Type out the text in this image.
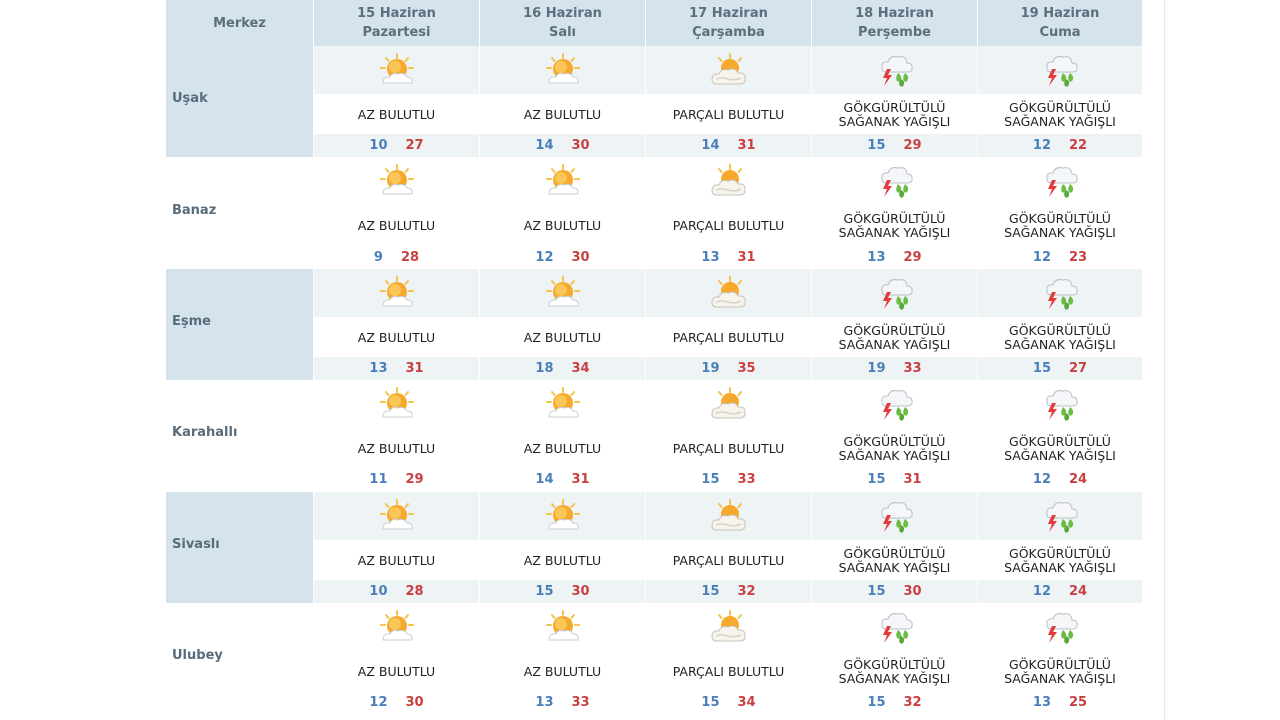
Merkez
15 Haziran
Pazartesi
16 Haziran
Salı
17 Haziran
Çarşamba
18 Haziran
Perşembe
19 Haziran
Cuma
Uşak
AZ BULUTLU
10 27
AZ BULUTLU
14 30
PARÇALI BULUTLU
14 31
GÖKGÜRÜLTÜLÜ
SAĞANAK YAĞIŞLI
15 29
GÖKGÜRÜLTÜLÜ
SAĞANAK YAĞIŞLI
12 22
Banaz
AZ BULUTLU
9 28
AZ BULUTLU
12 30
PARÇALI BULUTLU
13 31
GÖKGÜRÜLTÜLÜ
SAĞANAK YAĞIŞLI
13 29
GÖKGÜRÜLTÜLÜ
SAĞANAK YAĞIŞLI
12 23
Eşme
AZ BULUTLU
13 31
AZ BULUTLU
18 34
PARÇALI BULUTLU
19 35
GÖKGÜRÜLTÜLÜ
SAĞANAK YAĞIŞLI
19 33
GÖKGÜRÜLTÜLÜ
SAĞANAK YAĞIŞLI
15 27
Karahallı
AZ BULUTLU
11 29
AZ BULUTLU
14 31
PARÇALI BULUTLU
15 33
GÖKGÜRÜLTÜLÜ
SAĞANAK YAĞIŞLI
15 31
GÖKGÜRÜLTÜLÜ
SAĞANAK YAĞIŞLI
12 24
Sivaslı
AZ BULUTLU
10 28
AZ BULUTLU
15 30
PARÇALI BULUTLU
15 32
GÖKGÜRÜLTÜLÜ
SAĞANAK YAĞIŞLI
15 30
GÖKGÜRÜLTÜLÜ
SAĞANAK YAĞIŞLI
12 24
Ulubey
AZ BULUTLU
12 30
AZ BULUTLU
13 33
PARÇALI BULUTLU
15 34
GÖKGÜRÜLTÜLÜ
SAĞANAK YAĞIŞLI
15 32
GÖKGÜRÜLTÜLÜ
SAĞANAK YAĞIŞLI
13 25
